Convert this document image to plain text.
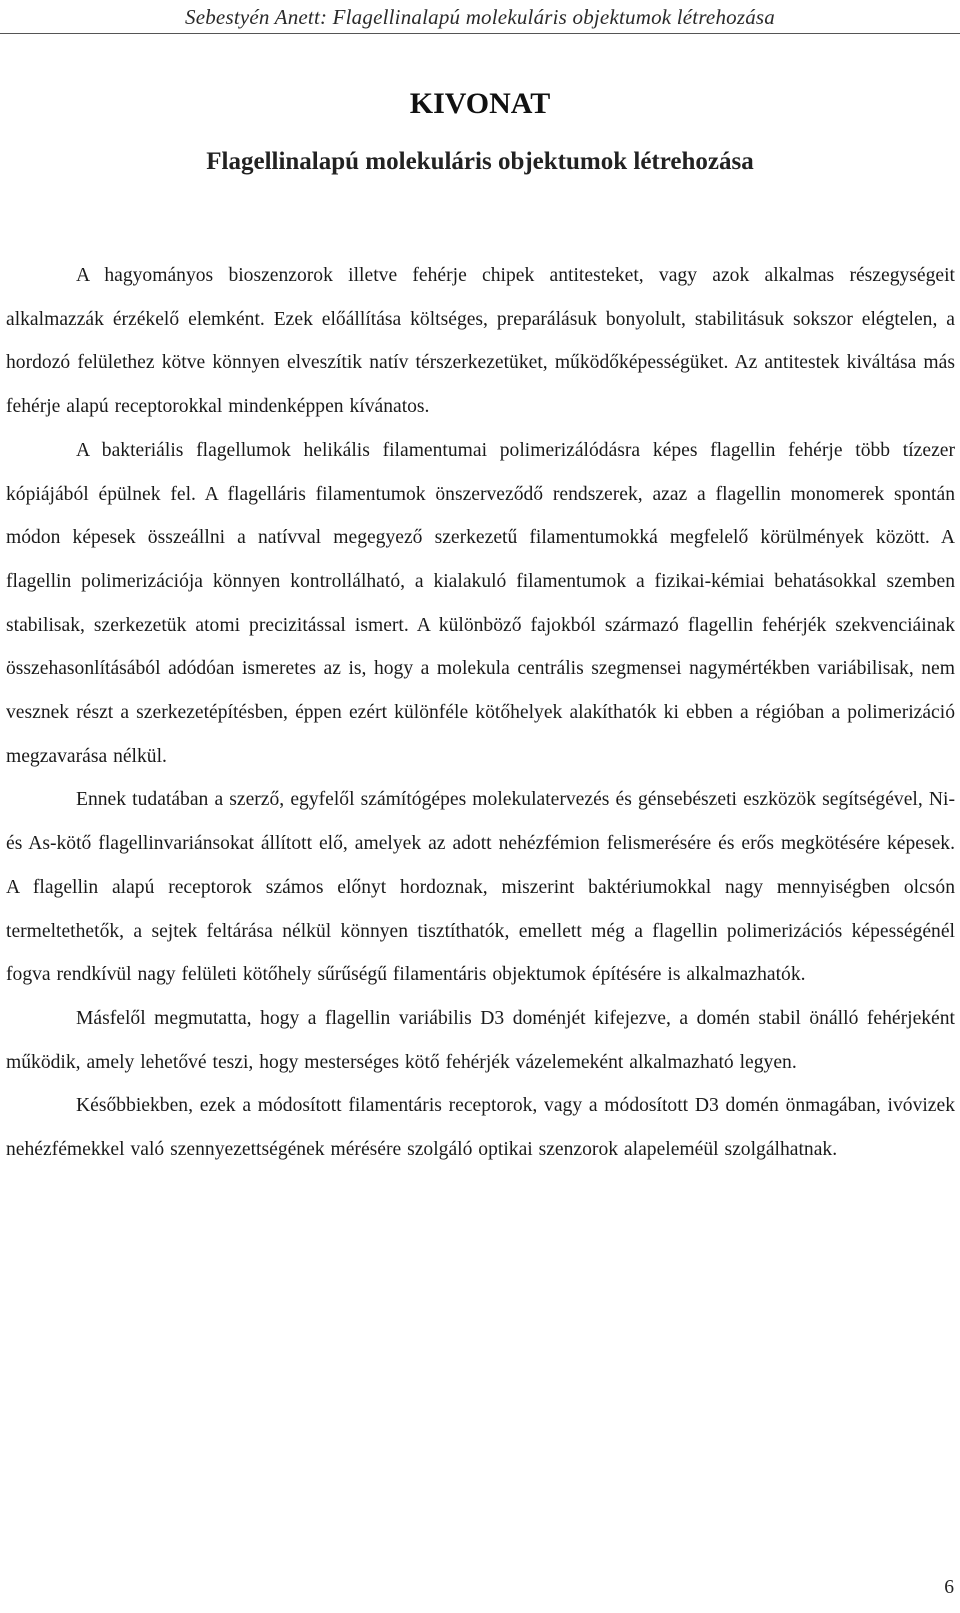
Sebestyén Anett: Flagellinalapú molekuláris objektumok létrehozása
KIVONAT
Flagellinalapú molekuláris objektumok létrehozása

A hagyományos bioszenzorok illetve fehérje chipek antitesteket, vagy azok alkalmas részegységeit alkalmazzák érzékelő elemként. Ezek előállítása költséges, preparálásuk bonyolult, stabilitásuk sokszor elégtelen, a hordozó felülethez kötve könnyen elveszítik natív térszerkezetüket, működőképességüket. Az antitestek kiváltása más fehérje alapú receptorokkal mindenképpen kívánatos.

A bakteriális flagellumok helikális filamentumai polimerizálódásra képes flagellin fehérje több tízezer kópiájából épülnek fel. A flagelláris filamentumok önszerveződő rendszerek, azaz a flagellin monomerek spontán módon képesek összeállni a natívval megegyező szerkezetű filamentumokká megfelelő körülmények között. A flagellin polimerizációja könnyen kontrollálható, a kialakuló filamentumok a fizikai-kémiai behatásokkal szemben stabilisak, szerkezetük atomi precizitással ismert. A különböző fajokból származó flagellin fehérjék szekvenciáinak összehasonlításából adódóan ismeretes az is, hogy a molekula centrális szegmensei nagymértékben variábilisak, nem vesznek részt a szerkezetépítésben, éppen ezért különféle kötőhelyek alakíthatók ki ebben a régióban a polimerizáció megzavarása nélkül.

Ennek tudatában a szerző, egyfelől számítógépes molekulatervezés és génsebészeti eszközök segítségével, Ni- és As-kötő flagellinvariánsokat állított elő, amelyek az adott nehézfémion felismerésére és erős megkötésére képesek. A flagellin alapú receptorok számos előnyt hordoznak, miszerint baktériumokkal nagy mennyiségben olcsón termeltethetők, a sejtek feltárása nélkül könnyen tisztíthatók, emellett még a flagellin polimerizációs képességénél fogva rendkívül nagy felületi kötőhely sűrűségű filamentáris objektumok építésére is alkalmazhatók.

Másfelől megmutatta, hogy a flagellin variábilis D3 doménjét kifejezve, a domén stabil önálló fehérjeként működik, amely lehetővé teszi, hogy mesterséges kötő fehérjék vázelemeként alkalmazható legyen.

Későbbiekben, ezek a módosított filamentáris receptorok, vagy a módosított D3 domén önmagában, ivóvizek nehézfémekkel való szennyezettségének mérésére szolgáló optikai szenzorok alapeleméül szolgálhatnak.

6
